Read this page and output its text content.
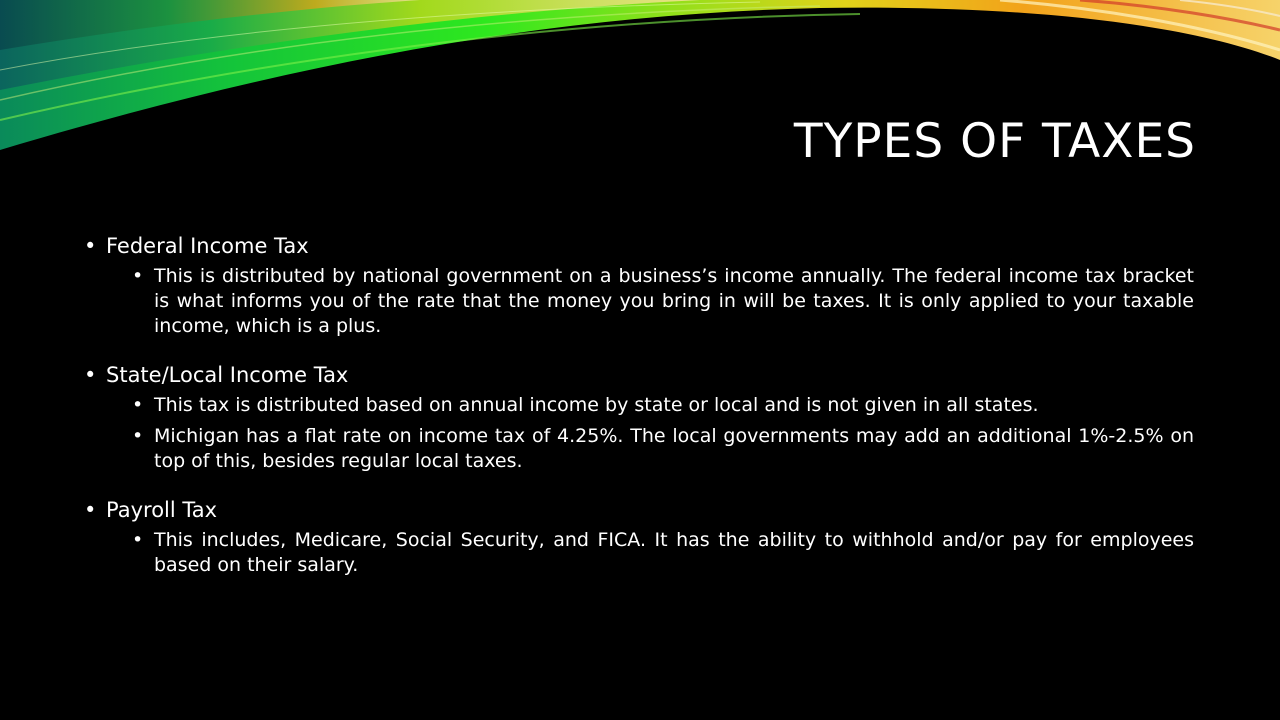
TYPES OF TAXES
• Federal Income Tax
• This is distributed by national government on a business’s income annually. The federal income tax bracket is what informs you of the rate that the money you bring in will be taxes. It is only applied to your taxable income, which is a plus.
• State/Local Income Tax
• This tax is distributed based on annual income by state or local and is not given in all states.
• Michigan has a flat rate on income tax of 4.25%. The local governments may add an additional 1%-2.5% on top of this, besides regular local taxes.
• Payroll Tax
• This includes, Medicare, Social Security, and FICA. It has the ability to withhold and/or pay for employees based on their salary.
